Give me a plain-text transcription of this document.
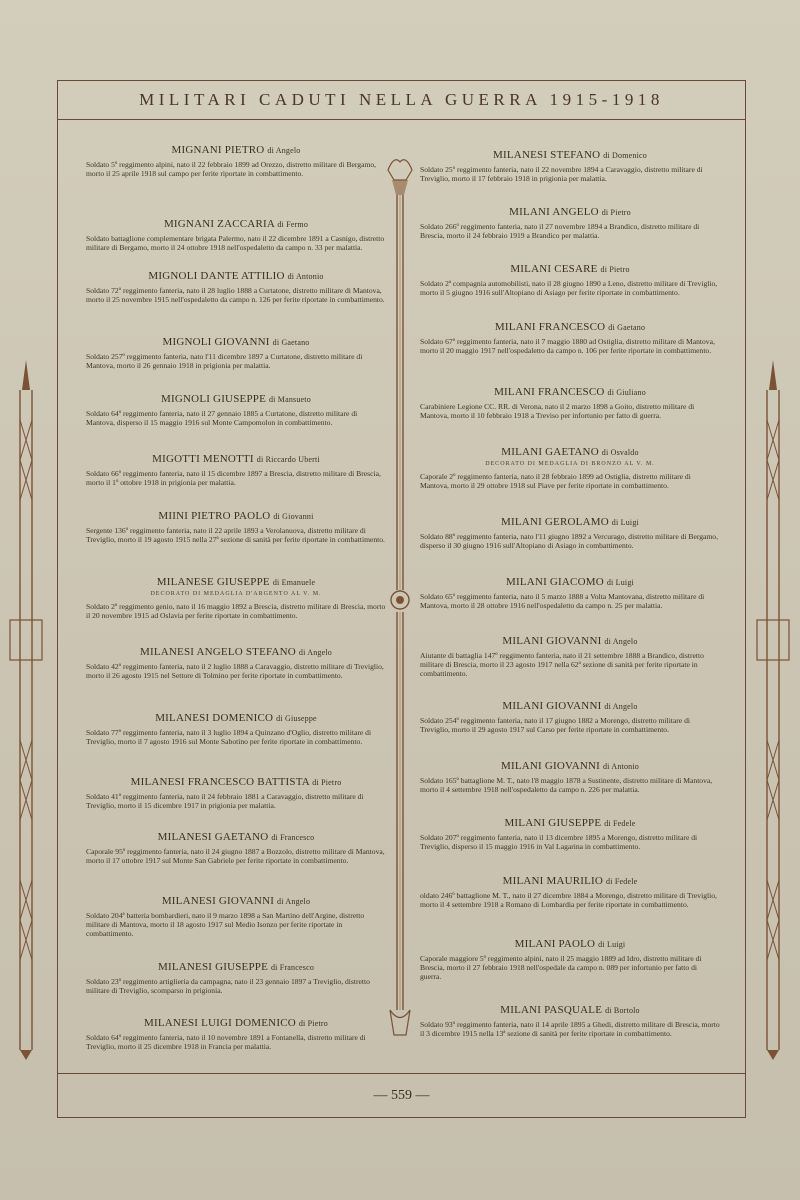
MILITARI CADUTI NELLA GUERRA 1915-1918
MIGNANI PIETRO di Angelo
Soldato 5º reggimento alpini, nato il 22 febbraio 1899 ad Orezzo, distretto militare di Bergamo, morto il 25 aprile 1918 sul campo per ferite riportate in combattimento.
MIGNANI ZACCARIA di Fermo
Soldato battaglione complementare brigata Palermo, nato il 22 dicembre 1891 a Casnigo, distretto militare di Bergamo, morto il 24 ottobre 1918 nell'ospedaletto da campo n. 33 per malattia.
MIGNOLI DANTE ATTILIO di Antonio
Soldato 72º reggimento fanteria, nato il 28 luglio 1888 a Curtatone, distretto militare di Mantova, morto il 25 novembre 1915 nell'ospedaletto da campo n. 126 per ferite riportate in combattimento.
MIGNOLI GIOVANNI di Gaetano
Soldato 257º reggimento fanteria, nato l'11 dicembre 1897 a Curtatone, distretto militare di Mantova, morto il 26 gennaio 1918 in prigionia per malattia.
MIGNOLI GIUSEPPE di Mansueto
Soldato 64º reggimento fanteria, nato il 27 gennaio 1885 a Curtatone, distretto militare di Mantova, disperso il 15 maggio 1916 sul Monte Campomolon in combattimento.
MIGOTTI MENOTTI di Riccardo Uberti
Soldato 66º reggimento fanteria, nato il 15 dicembre 1897 a Brescia, distretto militare di Brescia, morto il 1º ottobre 1918 in prigionia per malattia.
MIINI PIETRO PAOLO di Giovanni
Sergente 136º reggimento fanteria, nato il 22 aprile 1893 a Verolanuova, distretto militare di Treviglio, morto il 19 agosto 1915 nella 27ª sezione di sanità per ferite riportate in combattimento.
MILANESE GIUSEPPE di Emanuele
DECORATO DI MEDAGLIA D'ARGENTO AL V. M.
Soldato 2º reggimento genio, nato il 16 maggio 1892 a Brescia, distretto militare di Brescia, morto il 20 novembre 1915 ad Oslavia per ferite riportate in combattimento.
MILANESI ANGELO STEFANO di Angelo
Soldato 42º reggimento fanteria, nato il 2 luglio 1888 a Caravaggio, distretto militare di Treviglio, morto il 26 agosto 1915 nel Settore di Tolmino per ferite riportate in combattimento.
MILANESI DOMENICO di Giuseppe
Soldato 77º reggimento fanteria, nato il 3 luglio 1894 a Quinzano d'Oglio, distretto militare di Treviglio, morto il 7 agosto 1916 sul Monte Sabotino per ferite riportate in combattimento.
MILANESI FRANCESCO BATTISTA di Pietro
Soldato 41º reggimento fanteria, nato il 24 febbraio 1881 a Caravaggio, distretto militare di Treviglio, morto il 15 dicembre 1917 in prigionia per malattia.
MILANESI GAETANO di Francesco
Caporale 95º reggimento fanteria, nato il 24 giugno 1887 a Bozzolo, distretto militare di Mantova, morto il 17 ottobre 1917 sul Monte San Gabriele per ferite riportate in combattimento.
MILANESI GIOVANNI di Angelo
Soldato 204ª batteria bombardieri, nato il 9 marzo 1898 a San Martino dell'Argine, distretto militare di Mantova, morto il 18 agosto 1917 sul Medio Isonzo per ferite riportate in combattimento.
MILANESI GIUSEPPE di Francesco
Soldato 23º reggimento artiglieria da campagna, nato il 23 gennaio 1897 a Treviglio, distretto militare di Treviglio, scomparso in prigionia.
MILANESI LUIGI DOMENICO di Pietro
Soldato 64º reggimento fanteria, nato il 10 novembre 1891 a Fontanella, distretto militare di Treviglio, morto il 25 dicembre 1918 in Francia per malattia.
MILANESI STEFANO di Domenico
Soldato 25º reggimento fanteria, nato il 22 novembre 1894 a Caravaggio, distretto militare di Treviglio, morto il 17 febbraio 1918 in prigionia per malattia.
MILANI ANGELO di Pietro
Soldato 266º reggimento fanteria, nato il 27 novembre 1894 a Brandico, distretto militare di Brescia, morto il 24 febbraio 1919 a Brandico per malattia.
MILANI CESARE di Pietro
Soldato 2ª compagnia automobilisti, nato il 28 giugno 1890 a Leno, distretto militare di Treviglio, morto il 5 giugno 1916 sull'Altopiano di Asiago per ferite riportate in combattimento.
MILANI FRANCESCO di Gaetano
Soldato 67º reggimento fanteria, nato il 7 maggio 1880 ad Ostiglia, distretto militare di Mantova, morto il 20 maggio 1917 nell'ospedaletto da campo n. 106 per ferite riportate in combattimento.
MILANI FRANCESCO di Giuliano
Carabiniere Legione CC. RR. di Verona, nato il 2 marzo 1898 a Goito, distretto militare di Mantova, morto il 10 febbraio 1918 a Treviso per infortunio per fatto di guerra.
MILANI GAETANO di Osvaldo
DECORATO DI MEDAGLIA DI BRONZO AL V. M.
Caporale 2º reggimento fanteria, nato il 28 febbraio 1899 ad Ostiglia, distretto militare di Mantova, morto il 29 ottobre 1918 sul Piave per ferite riportate in combattimento.
MILANI GEROLAMO di Luigi
Soldato 88º reggimento fanteria, nato l'11 giugno 1892 a Vercurago, distretto militare di Bergamo, disperso il 30 giugno 1916 sull'Altopiano di Asiago in combattimento.
MILANI GIACOMO di Luigi
Soldato 65º reggimento fanteria, nato il 5 marzo 1888 a Volta Mantovana, distretto militare di Mantova, morto il 28 ottobre 1916 nell'ospedaletto da campo n. 25 per malattia.
MILANI GIOVANNI di Angelo
Aiutante di battaglia 147º reggimento fanteria, nato il 21 settembre 1888 a Brandico, distretto militare di Brescia, morto il 23 agosto 1917 nella 62ª sezione di sanità per ferite riportate in combattimento.
MILANI GIOVANNI di Angelo
Soldato 254º reggimento fanteria, nato il 17 giugno 1882 a Morengo, distretto militare di Treviglio, morto il 29 agosto 1917 sul Carso per ferite riportate in combattimento.
MILANI GIOVANNI di Antonio
Soldato 165º battaglione M. T., nato l'8 maggio 1878 a Sustinente, distretto militare di Mantova, morto il 4 settembre 1918 nell'ospedaletto da campo n. 226 per malattia.
MILANI GIUSEPPE di Fedele
Soldato 207º reggimento fanteria, nato il 13 dicembre 1895 a Morengo, distretto militare di Treviglio, disperso il 15 maggio 1916 in Val Lagarina in combattimento.
MILANI MAURILIO di Fedele
oldato 246º battaglione M. T., nato il 27 dicembre 1884 a Morengo, distretto militare di Treviglio, morto il 4 settembre 1918 a Romano di Lombardia per ferite riportate in combattimento.
MILANI PAOLO di Luigi
Caporale maggiore 5º reggimento alpini, nato il 25 maggio 1889 ad Idro, distretto militare di Brescia, morto il 27 febbraio 1918 nell'ospedale da campo n. 089 per infortunio per fatto di guerra.
MILANI PASQUALE di Bortolo
Soldato 93º reggimento fanteria, nato il 14 aprile 1895 a Ghedi, distretto militare di Brescia, morto il 3 dicembre 1915 nella 13ª sezione di sanità per ferite riportate in combattimento.
— 559 —
